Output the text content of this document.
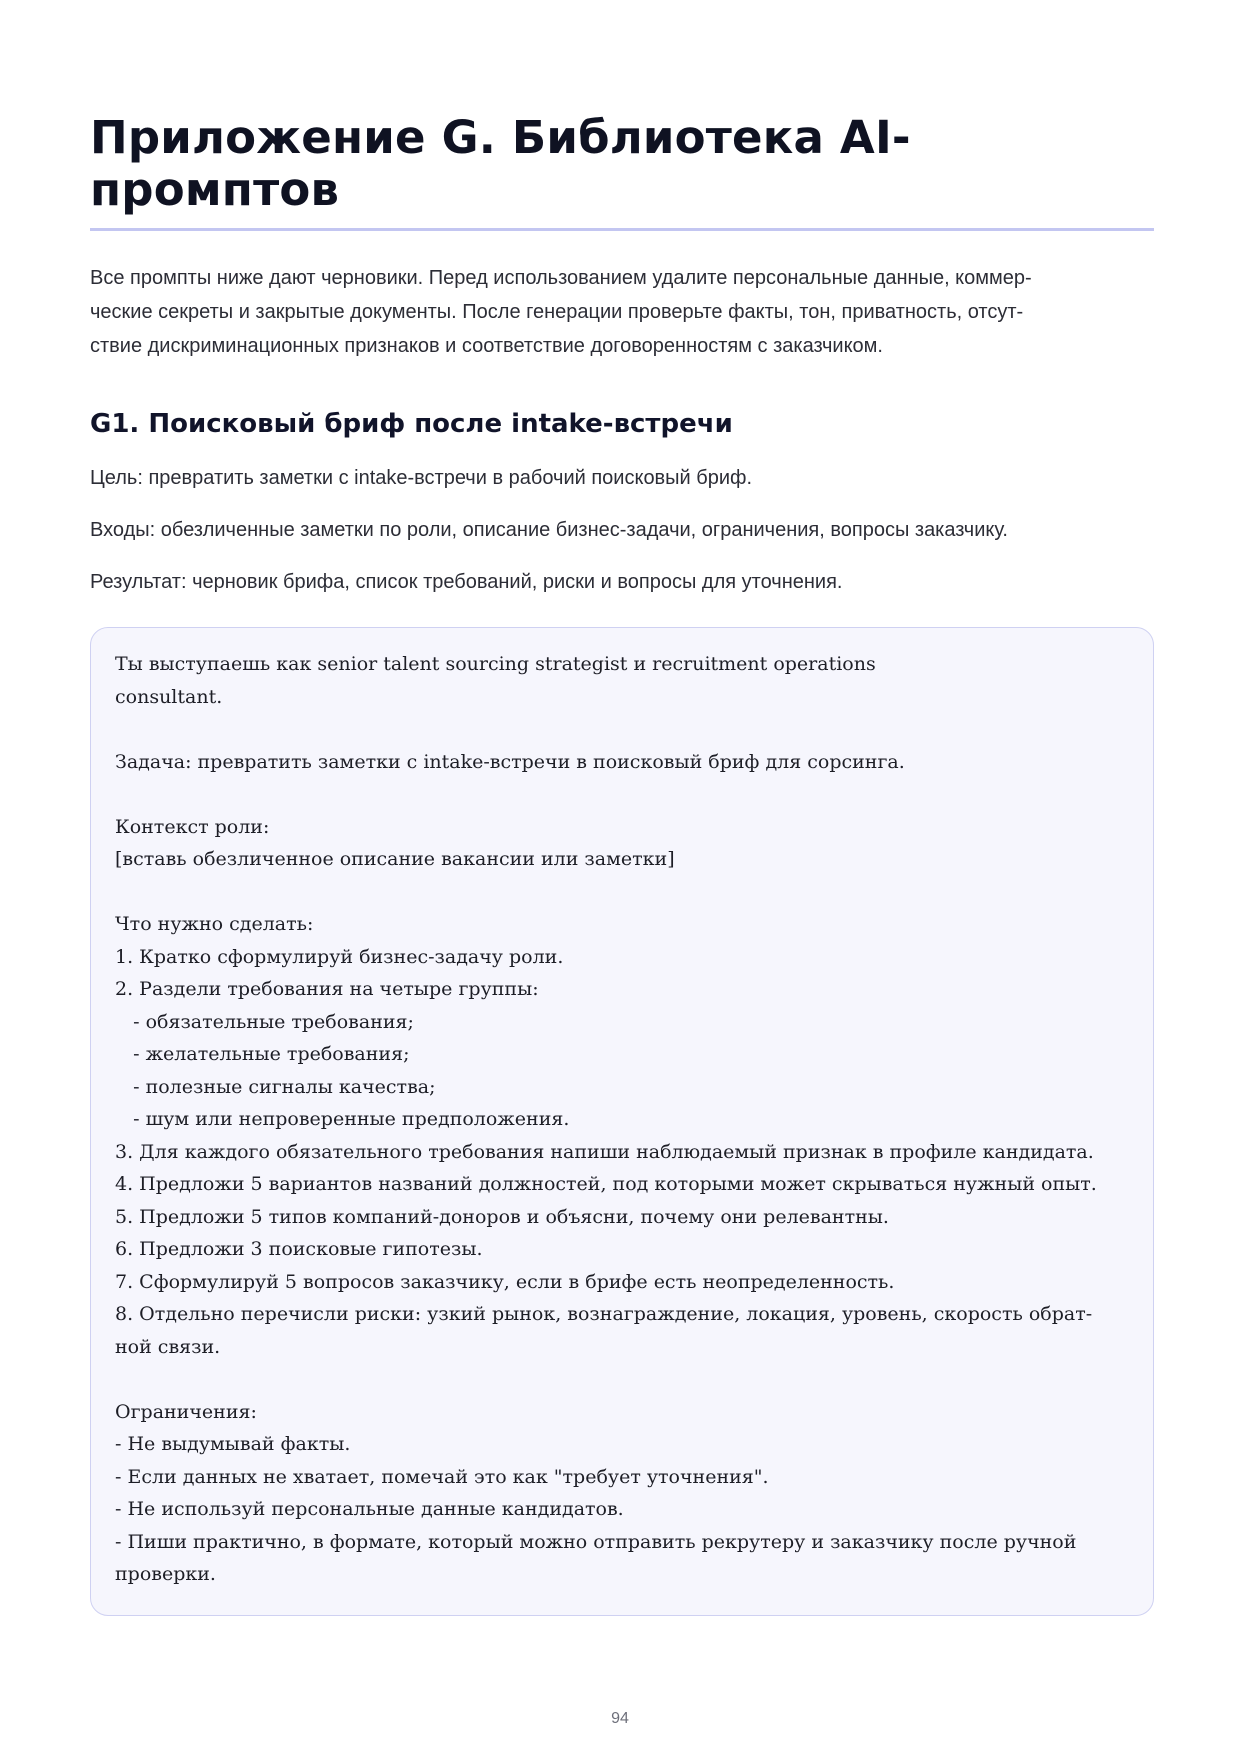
Приложение G. Библиотека AI-
промптов

Все промпты ниже дают черновики. Перед использованием удалите персональные данные, коммер-
ческие секреты и закрытые документы. После генерации проверьте факты, тон, приватность, отсут-
ствие дискриминационных признаков и соответствие договоренностям с заказчиком.

G1. Поисковый бриф после intake-встречи

Цель: превратить заметки с intake-встречи в рабочий поисковый бриф.

Входы: обезличенные заметки по роли, описание бизнес-задачи, ограничения, вопросы заказчику.

Результат: черновик брифа, список требований, риски и вопросы для уточнения.

Ты выступаешь как senior talent sourcing strategist и recruitment operations
consultant.
Задача: превратить заметки с intake-встречи в поисковый бриф для сорсинга.
Контекст роли:
[вставь обезличенное описание вакансии или заметки]
Что нужно сделать:
1. Кратко сформулируй бизнес-задачу роли.
2. Раздели требования на четыре группы:
- обязательные требования;
- желательные требования;
- полезные сигналы качества;
- шум или непроверенные предположения.
3. Для каждого обязательного требования напиши наблюдаемый признак в профиле кандидата.
4. Предложи 5 вариантов названий должностей, под которыми может скрываться нужный опыт.
5. Предложи 5 типов компаний-доноров и объясни, почему они релевантны.
6. Предложи 3 поисковые гипотезы.
7. Сформулируй 5 вопросов заказчику, если в брифе есть неопределенность.
8. Отдельно перечисли риски: узкий рынок, вознаграждение, локация, уровень, скорость обрат-
ной связи.
Ограничения:
- Не выдумывай факты.
- Если данных не хватает, помечай это как "требует уточнения".
- Не используй персональные данные кандидатов.
- Пиши практично, в формате, который можно отправить рекрутеру и заказчику после ручной
проверки.
94
